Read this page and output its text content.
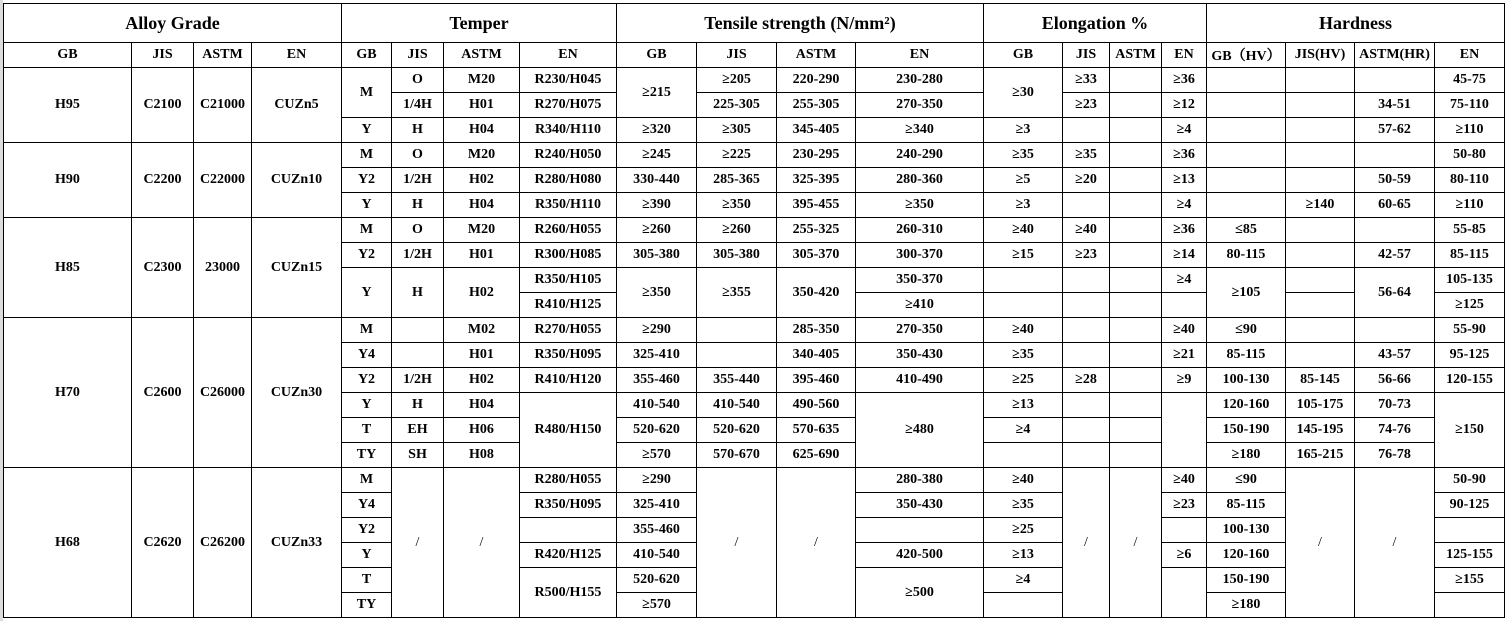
Alloy Grade				Temper				Tensile strength (N/mm²)				Elongation %				Hardness			
GB	JIS	ASTM	EN	GB	JIS	ASTM	EN	GB	JIS	ASTM	EN	GB	JIS	ASTM	EN	GB（HV）	JIS(HV)	ASTM(HR)	EN
H95	C2100	C21000	CUZn5	M	O	M20	R230/H045	≥215	≥205	220-290	230-280	≥30	≥33		≥36				45-75
					1/4H	H01	R270/H075		225-305	255-305	270-350		≥23		≥12			34-51	75-110
				Y	H	H04	R340/H110	≥320	≥305	345-405	≥340	≥3			≥4			57-62	≥110
H90	C2200	C22000	CUZn10	M	O	M20	R240/H050	≥245	≥225	230-295	240-290	≥35	≥35		≥36				50-80
				Y2	1/2H	H02	R280/H080	330-440	285-365	325-395	280-360	≥5	≥20		≥13			50-59	80-110
				Y	H	H04	R350/H110	≥390	≥350	395-455	≥350	≥3			≥4		≥140	60-65	≥110
H85	C2300	23000	CUZn15	M	O	M20	R260/H055	≥260	≥260	255-325	260-310	≥40	≥40		≥36	≤85			55-85
				Y2	1/2H	H01	R300/H085	305-380	305-380	305-370	300-370	≥15	≥23		≥14	80-115		42-57	85-115
				Y	H	H02	R350/H105	≥350	≥355	350-420	350-370				≥4	≥105		56-64	105-135
							R410/H125				≥410								≥125
H70	C2600	C26000	CUZn30	M		M02	R270/H055	≥290		285-350	270-350	≥40			≥40	≤90			55-90
				Y4		H01	R350/H095	325-410		340-405	350-430	≥35			≥21	85-115		43-57	95-125
				Y2	1/2H	H02	R410/H120	355-460	355-440	395-460	410-490	≥25	≥28		≥9	100-130	85-145	56-66	120-155
				Y	H	H04	R480/H150	410-540	410-540	490-560	≥480	≥13				120-160	105-175	70-73	≥150
				T	EH	H06		520-620	520-620	570-635		≥4				150-190	145-195	74-76	
				TY	SH	H08		≥570	570-670	625-690						≥180	165-215	76-78	
H68	C2620	C26200	CUZn33	M	/	/	R280/H055	≥290	/	/	280-380	≥40	/	/	≥40	≤90	/	/	50-90
				Y4			R350/H095	325-410			350-430	≥35			≥23	85-115			90-125
				Y2				355-460				≥25				100-130			
				Y			R420/H125	410-540			420-500	≥13			≥6	120-160			125-155
				T			R500/H155	520-620			≥500	≥4				150-190			≥155
				TY				≥570								≥180			
